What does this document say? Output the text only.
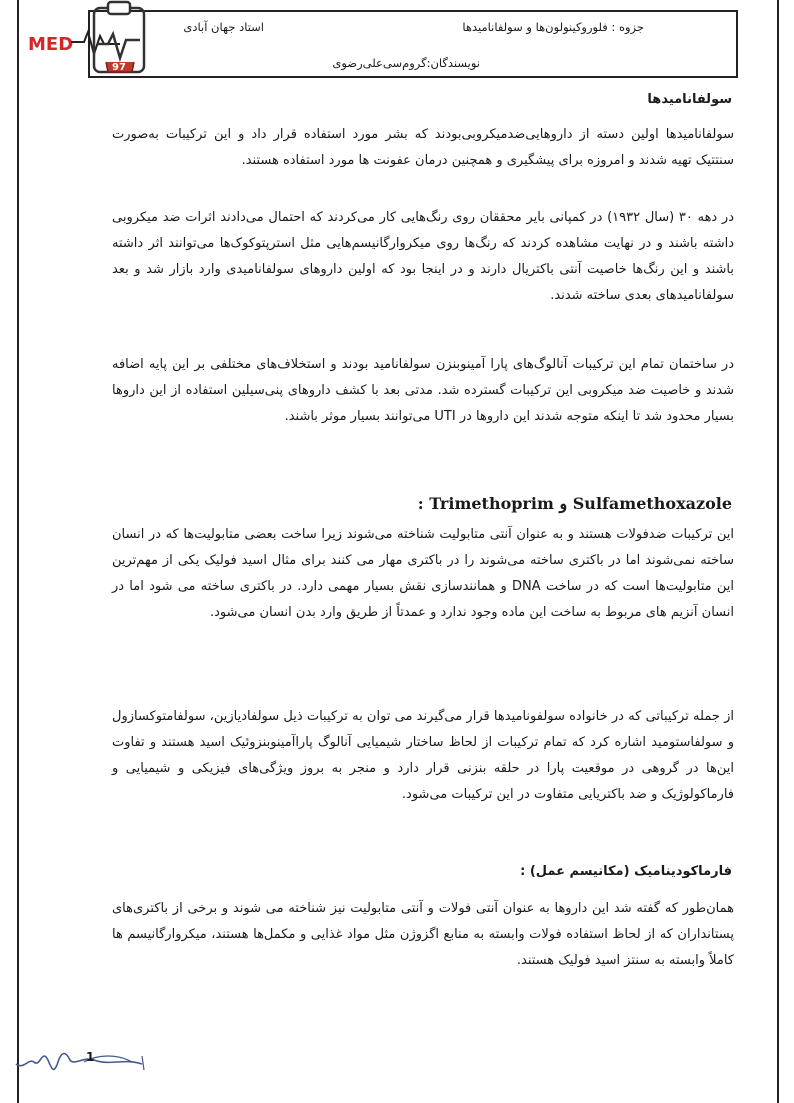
جزوه : فلوروکینولون‌ها و سولفانامیدها
استاد جهان آبادی
نویسندگان:گروم‌سی‌علی‌رضوی
MED
97
سولفانامیدها
سولفانامیدها اولین دسته از داروهایی‌ضدمیکروبی‌بودند که بشر مورد استفاده قرار داد و این ترکیبات به‌صورت سنتتیک تهیه شدند و امروزه برای پیشگیری و همچنین درمان عفونت ها مورد استفاده هستند.
در دهه ۳۰ (سال ۱۹۳۲) در کمپانی بایر محققان روی رنگ‌هایی کار می‌کردند که احتمال می‌دادند اثرات ضد میکروبی داشته باشند و در نهایت مشاهده کردند که رنگ‌ها روی میکروارگانیسم‌هایی مثل استرپتوکوک‌ها می‌توانند اثر داشته باشند و این رنگ‌ها خاصیت آنتی باکتریال دارند و در اینجا بود که اولین داروهای سولفانامیدی وارد بازار شد و بعد سولفانامیدهای بعدی ساخته شدند.
در ساختمان تمام این ترکیبات آنالوگ‌های پارا آمینوبنزن سولفانامید بودند و استخلاف‌های مختلفی بر این پایه اضافه شدند و خاصیت ضد میکروبی این ترکیبات گسترده شد. مدتی بعد با کشف داروهای پنی‌سیلین استفاده از این داروها بسیار محدود شد تا اینکه متوجه شدند این داروها در UTI می‌توانند بسیار موثر باشند.
Sulfamethoxazole و Trimethoprim :
این ترکیبات ضدفولات هستند و به عنوان آنتی متابولیت شناخته می‌شوند زیرا ساخت بعضی متابولیت‌ها که در انسان ساخته نمی‌شوند اما در باکتری ساخته می‌شوند را در باکتری مهار می کنند برای مثال اسید فولیک یکی از مهم‌ترین این متابولیت‌ها است که در ساخت DNA و همانند‌سازی نقش بسیار مهمی دارد. در باکتری ساخته می شود اما در انسان آنزیم های مربوط به ساخت این ماده وجود ندارد و عمدتاً از طریق وارد بدن انسان می‌شود.
از جمله ترکیباتی که در خانواده سولفونامیدها قرار می‌گیرند می توان به ترکیبات ذیل سولفادیازین، سولفامتوکسازول و سولفاستومید اشاره کرد که تمام ترکیبات از لحاظ ساختار شیمیایی آنالوگ پاراآمینوبنزوئیک اسید هستند و تفاوت این‌ها در گروهی در موقعیت پارا در حلقه بنزنی قرار دارد و منجر به بروز ویژگی‌های فیزیکی و شیمیایی و فارماکولوژیک و ضد باکتریایی متفاوت در این ترکیبات می‌شود.
فارماکودینامیک (مکانیسم عمل) :
همان‌طور که گفته شد این داروها به عنوان آنتی فولات و آنتی متابولیت نیز شناخته می شوند و برخی از باکتری‌ها‌ی پستانداران که از لحاظ استفاده فولات وابسته به منابع اگزوژن مثل مواد غذایی و مکمل‌ها هستند، میکروارگانیسم ها کاملاً وابسته به سنتز اسید فولیک هستند.
1
